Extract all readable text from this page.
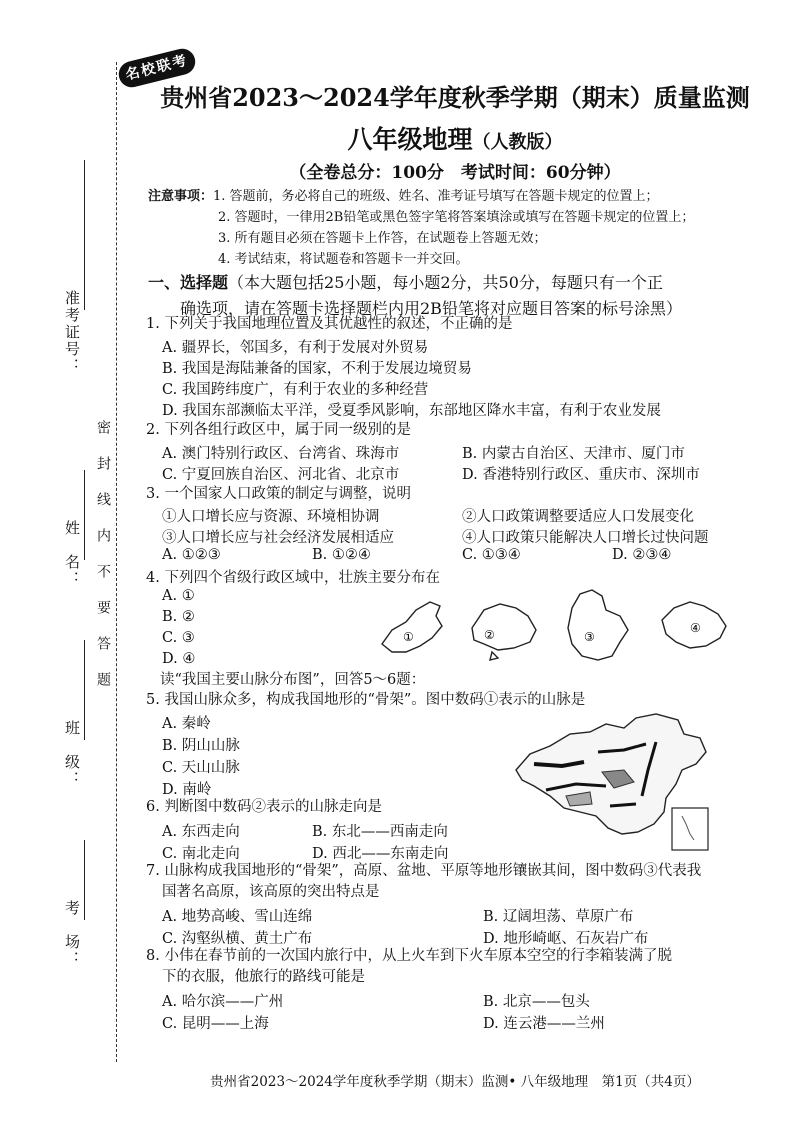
准考证号：
姓　名：
班　级：
考　场：
密　封　线　内　不　要　答　题
名校联考
贵州省2023～2024学年度秋季学期（期末）质量监测
八年级地理（人教版）
（全卷总分：100分　考试时间：60分钟）
注意事项：1. 答题前，务必将自己的班级、姓名、准考证号填写在答题卡规定的位置上；
2. 答题时，一律用2B铅笔或黑色签字笔将答案填涂或填写在答题卡规定的位置上；
3. 所有题目必须在答题卡上作答，在试题卷上答题无效；
4. 考试结束，将试题卷和答题卡一并交回。
一、选择题（本大题包括25小题，每小题2分，共50分，每题只有一个正
确选项，请在答题卡选择题栏内用2B铅笔将对应题目答案的标号涂黑）
1. 下列关于我国地理位置及其优越性的叙述，不正确的是
A. 疆界长，邻国多，有利于发展对外贸易
B. 我国是海陆兼备的国家，不利于发展边境贸易
C. 我国跨纬度广，有利于农业的多种经营
D. 我国东部濒临太平洋，受夏季风影响，东部地区降水丰富，有利于农业发展
2. 下列各组行政区中，属于同一级别的是
A. 澳门特别行政区、台湾省、珠海市	B. 内蒙古自治区、天津市、厦门市
C. 宁夏回族自治区、河北省、北京市	D. 香港特别行政区、重庆市、深圳市
3. 一个国家人口政策的制定与调整，说明
①人口增长应与资源、环境相协调	②人口政策调整要适应人口发展变化
③人口增长应与社会经济发展相适应	④人口政策只能解决人口增长过快问题
A. ①②③	B. ①②④	C. ①③④	D. ②③④
4. 下列四个省级行政区域中，壮族主要分布在
A. ①
B. ②
C. ③
D. ④
①	②	③
④
读“我国主要山脉分布图”，回答5～6题：
5. 我国山脉众多，构成我国地形的“骨架”。图中数码①表示的山脉是
A. 秦岭
B. 阴山山脉
C. 天山山脉
D. 南岭
6. 判断图中数码②表示的山脉走向是
A. 东西走向	B. 东北——西南走向
C. 南北走向	D. 西北——东南走向
7. 山脉构成我国地形的“骨架”，高原、盆地、平原等地形镶嵌其间，图中数码③代表我
国著名高原，该高原的突出特点是
A. 地势高峻、雪山连绵	B. 辽阔坦荡、草原广布
C. 沟壑纵横、黄土广布	D. 地形崎岖、石灰岩广布
8. 小伟在春节前的一次国内旅行中，从上火车到下火车原本空空的行李箱装满了脱
下的衣服，他旅行的路线可能是
A. 哈尔滨——广州	B. 北京——包头
C. 昆明——上海	D. 连云港——兰州
贵州省2023～2024学年度秋季学期（期末）监测• 八年级地理　第1页（共4页）
